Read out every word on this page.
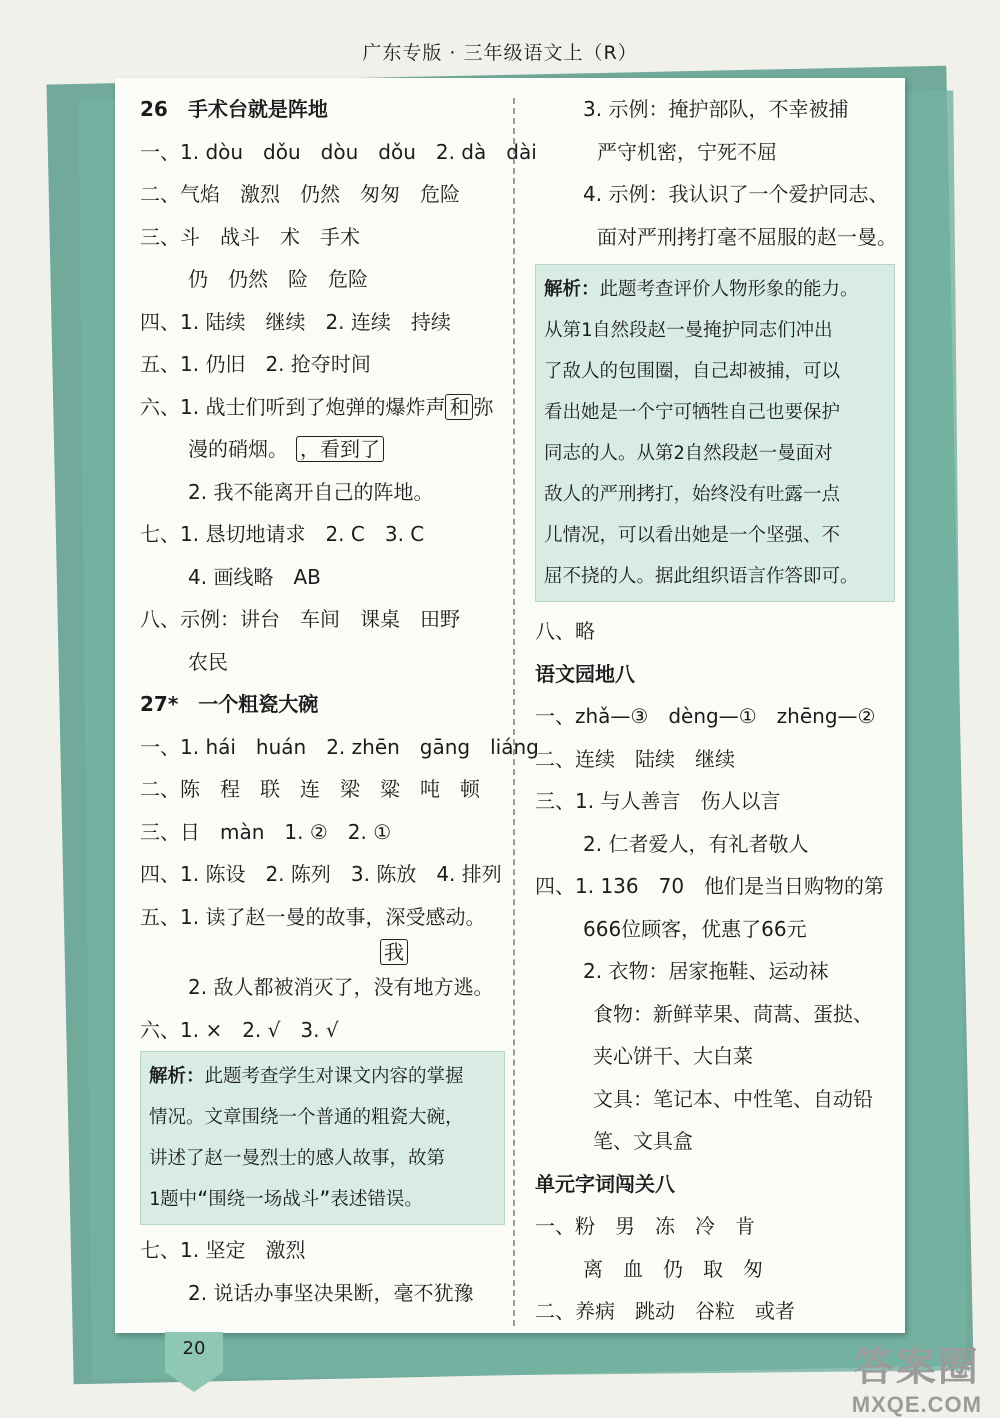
广东专版 · 三年级语文上（R）
26　手术台就是阵地
一、1. dòu　dǒu　dòu　dǒu　2. dà　dài
二、气焰　激烈　仍然　匆匆　危险
三、斗　战斗　术　手术
仍　仍然　险　危险
四、1. 陆续　继续　2. 连续　持续
五、1. 仍旧　2. 抢夺时间
六、1. 战士们听到了炮弹的爆炸声 和 弥
漫的硝烟。 ，看到了
2. 我不能离开自己的阵地。
七、1. 恳切地请求　2. C　3. C
4. 画线略　AB
八、示例：讲台　车间　课桌　田野
农民
27*　一个粗瓷大碗
一、1. hái　huán　2. zhēn　gāng　liáng
二、陈　程　联　连　梁　粱　吨　顿
三、日　màn　1. ②　2. ①
四、1. 陈设　2. 陈列　3. 陈放　4. 排列
五、1. 读了赵一曼的故事，深受感动。
我
2. 敌人都被消灭了，没有地方逃。
六、1. ×　2. √　3. √
解析：此题考查学生对课文内容的掌握
情况。文章围绕一个普通的粗瓷大碗，
讲述了赵一曼烈士的感人故事，故第
1题中“围绕一场战斗”表述错误。
七、1. 坚定　激烈
2. 说话办事坚决果断，毫不犹豫
3. 示例：掩护部队，不幸被捕
严守机密，宁死不屈
4. 示例：我认识了一个爱护同志、
面对严刑拷打毫不屈服的赵一曼。
解析：此题考查评价人物形象的能力。
从第1自然段赵一曼掩护同志们冲出
了敌人的包围圈，自己却被捕，可以
看出她是一个宁可牺牲自己也要保护
同志的人。从第2自然段赵一曼面对
敌人的严刑拷打，始终没有吐露一点
儿情况，可以看出她是一个坚强、不
屈不挠的人。据此组织语言作答即可。
八、略
语文园地八
一、zhǎ—③　dèng—①　zhēng—②
二、连续　陆续　继续
三、1. 与人善言　伤人以言
2. 仁者爱人，有礼者敬人
四、1. 136　70　他们是当日购物的第
666位顾客，优惠了66元
2. 衣物：居家拖鞋、运动袜
食物：新鲜苹果、茼蒿、蛋挞、
夹心饼干、大白菜
文具：笔记本、中性笔、自动铅
笔、文具盒
单元字词闯关八
一、粉　男　冻　冷　肯
离　血　仍　取　匆
二、养病　跳动　谷粒　或者
20	答案圈
MXQE.COM
